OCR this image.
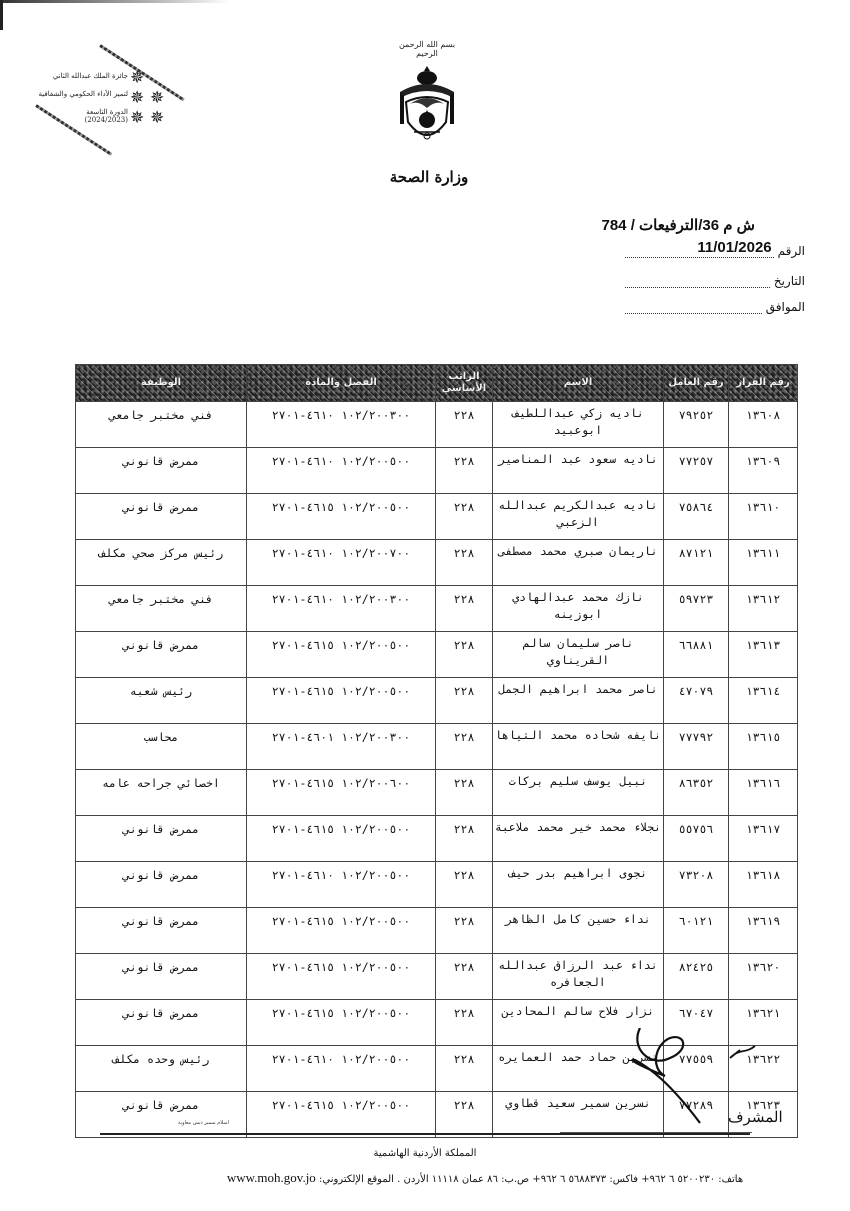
جائزة الملك عبدالله الثاني
لتميز الأداء الحكومي والشفافية
الدورة التاسعة
(2024/2023)
✵
✵ ✵
✵ ✵
بسم الله الرحمن الرحيم
وزارة الصحة
ش م 36/الترفيعات / 784
الرقم
11/01/2026
التاريخ
الموافق
رقم القرار	رقم العامل	الاسم	الراتب الأساسي	الفصل والمادة	الوظيفة
١٣٦٠٨	٧٩٢٥٢	ناديه زكي عبداللطيف ابوعبيد	٢٢٨	١٠٢/٢٠٠٣٠٠ ٤٦١٠-٢٧٠١	فني مختبر جامعي
١٣٦٠٩	٧٧٢٥٧	ناديه سعود عبد المناصير	٢٢٨	١٠٢/٢٠٠٥٠٠ ٤٦١٠-٢٧٠١	ممرض قانوني
١٣٦١٠	٧٥٨٦٤	ناديه عبدالكريم عبدالله الزعبي	٢٢٨	١٠٢/٢٠٠٥٠٠ ٤٦١٥-٢٧٠١	ممرض قانوني
١٣٦١١	٨٧١٢١	ناريمان صبري محمد مصطفى	٢٢٨	١٠٢/٢٠٠٧٠٠ ٤٦١٠-٢٧٠١	رئيس مركز صحي مكلف
١٣٦١٢	٥٩٧٢٣	نازك محمد عبدالهادي ابوزينه	٢٢٨	١٠٢/٢٠٠٣٠٠ ٤٦١٠-٢٧٠١	فني مختبر جامعي
١٣٦١٣	٦٦٨٨١	ناصر سليمان سالم القريناوي	٢٢٨	١٠٢/٢٠٠٥٠٠ ٤٦١٥-٢٧٠١	ممرض قانوني
١٣٦١٤	٤٧٠٧٩	ناصر محمد ابراهيم الجمل	٢٢٨	١٠٢/٢٠٠٥٠٠ ٤٦١٥-٢٧٠١	رئيس شعبه
١٣٦١٥	٧٧٧٩٢	نايفه شحاده محمد التياها	٢٢٨	١٠٢/٢٠٠٣٠٠ ٤٦٠١-٢٧٠١	محاسب
١٣٦١٦	٨٦٣٥٢	نبيل يوسف سليم بركات	٢٢٨	١٠٢/٢٠٠٦٠٠ ٤٦١٥-٢٧٠١	اخصائي جراحه عامه
١٣٦١٧	٥٥٧٥٦	نجلاء محمد خير محمد ملاعبة	٢٢٨	١٠٢/٢٠٠٥٠٠ ٤٦١٥-٢٧٠١	ممرض قانوني
١٣٦١٨	٧٣٢٠٨	نجوى ابراهيم بدر حيف	٢٢٨	١٠٢/٢٠٠٥٠٠ ٤٦١٠-٢٧٠١	ممرض قانوني
١٣٦١٩	٦٠١٢١	نداء حسين كامل الظاهر	٢٢٨	١٠٢/٢٠٠٥٠٠ ٤٦١٥-٢٧٠١	ممرض قانوني
١٣٦٢٠	٨٢٤٢٥	نداء عبد الرزاق عبدالله الجعافره	٢٢٨	١٠٢/٢٠٠٥٠٠ ٤٦١٥-٢٧٠١	ممرض قانوني
١٣٦٢١	٦٧٠٤٧	نزار فلاح سالم المحادين	٢٢٨	١٠٢/٢٠٠٥٠٠ ٤٦١٥-٢٧٠١	ممرض قانوني
١٣٦٢٢	٧٧٥٥٩	نسرين حماد حمد العمايره	٢٢٨	١٠٢/٢٠٠٥٠٠ ٤٦١٠-٢٧٠١	رئيس وحده مكلف
١٣٦٢٣	٧٧٢٨٩	نسرين سمير سعيد قطاوي	٢٢٨	١٠٢/٢٠٠٥٠٠ ٤٦١٥-٢٧٠١	ممرض قانوني
المشرف
اسلام سمير دبش معاوية
المملكة الأردنية الهاشمية
هاتف: ٥٢٠٠٢٣٠ ٦ ٩٦٢+ فاكس: ٥٦٨٨٣٧٣ ٦ ٩٦٢+ ص.ب: ٨٦ عمان ١١١١٨ الأردن . الموقع الإلكتروني: www.moh.gov.jo
